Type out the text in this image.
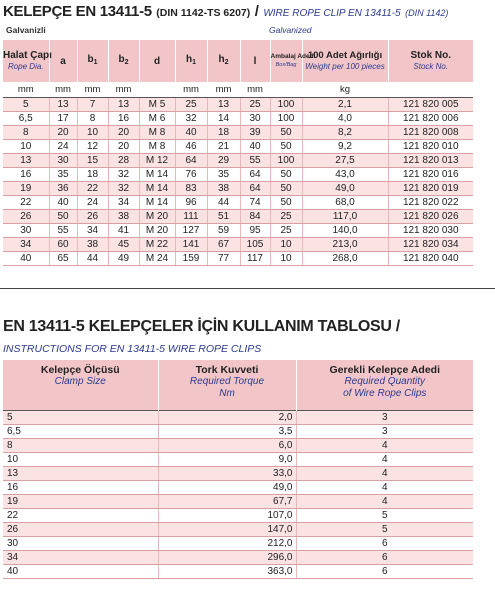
KELEPÇE EN 13411-5 (DIN 1142-TS 6207) / WIRE ROPE CLIP EN 13411-5 (DIN 1142)
Galvanizli	Galvanized
Halat Çapı
Rope Dia.	a	$b_1$	$b_2$	d	$h_1$	$h_2$	l	Ambalaj Adedi
Box/Bag	100 Adet Ağırlığı
Weight per 100 pieces	Stok No.
Stock No.

mm	mm	mm	mm		mm	mm	mm		kg	
5	13	7	13	M 5	25	13	25	100	2,1	121 820 005
6,5	17	8	16	M 6	32	14	30	100	4,0	121 820 006
8	20	10	20	M 8	40	18	39	50	8,2	121 820 008
10	24	12	20	M 8	46	21	40	50	9,2	121 820 010
13	30	15	28	M 12	64	29	55	100	27,5	121 820 013
16	35	18	32	M 14	76	35	64	50	43,0	121 820 016
19	36	22	32	M 14	83	38	64	50	49,0	121 820 019
22	40	24	34	M 14	96	44	74	50	68,0	121 820 022
26	50	26	38	M 20	111	51	84	25	117,0	121 820 026
30	55	34	41	M 20	127	59	95	25	140,0	121 820 030
34	60	38	45	M 22	141	67	105	10	213,0	121 820 034
40	65	44	49	M 24	159	77	117	10	268,0	121 820 040
EN 13411-5 KELEPÇELER İÇİN KULLANIM TABLOSU /
INSTRUCTIONS FOR EN 13411-5 WIRE ROPE CLIPS
Kelepçe Ölçüsü
Clamp Size	Tork Kuvveti
Required Torque
Nm	Gerekli Kelepçe Adedi
Required Quantity
of Wire Rope Clips

5	2,0	3
6,5	3,5	3
8	6,0	4
10	9,0	4
13	33,0	4
16	49,0	4
19	67,7	4
22	107,0	5
26	147,0	5
30	212,0	6
34	296,0	6
40	363,0	6
